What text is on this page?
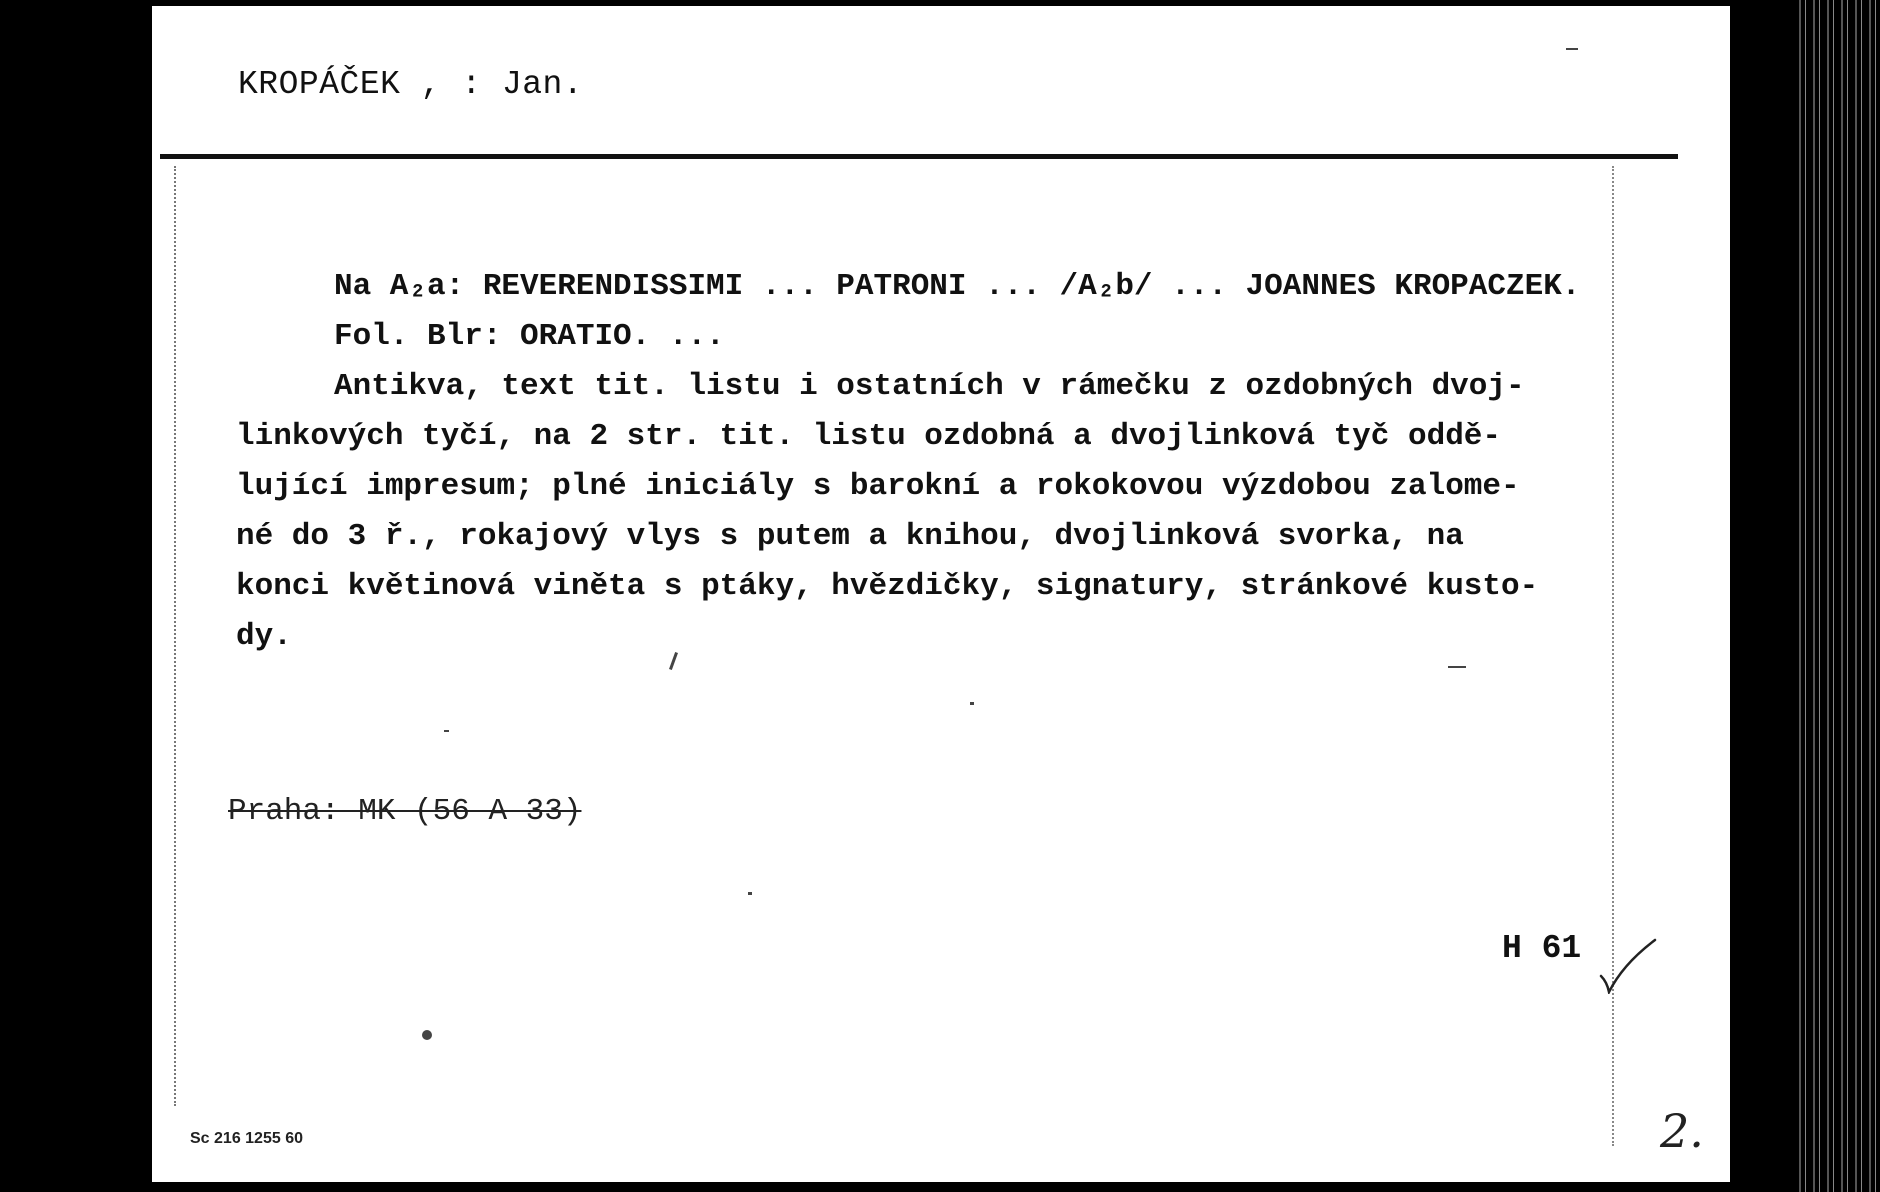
KROPÁČEK , : Jan.
Na A₂a: REVERENDISSIMI ... PATRONI ... /A₂b/ ... JOANNES KROPACZEK.
Fol. Blr: ORATIO. ...
Antikva, text tit. listu i ostatních v rámečku z ozdobných dvoj-
linkových tyčí, na 2 str. tit. listu ozdobná a dvojlinková tyč oddě-
lující impresum; plné iniciály s barokní a rokokovou výzdobou zalome-
né do 3 ř., rokajový vlys s putem a knihou, dvojlinková svorka, na
konci květinová viněta s ptáky, hvězdičky, signatury, stránkové kusto-
dy.
Praha: MK (56 A 33)
H 61
Sc 216 1255 60	2.
